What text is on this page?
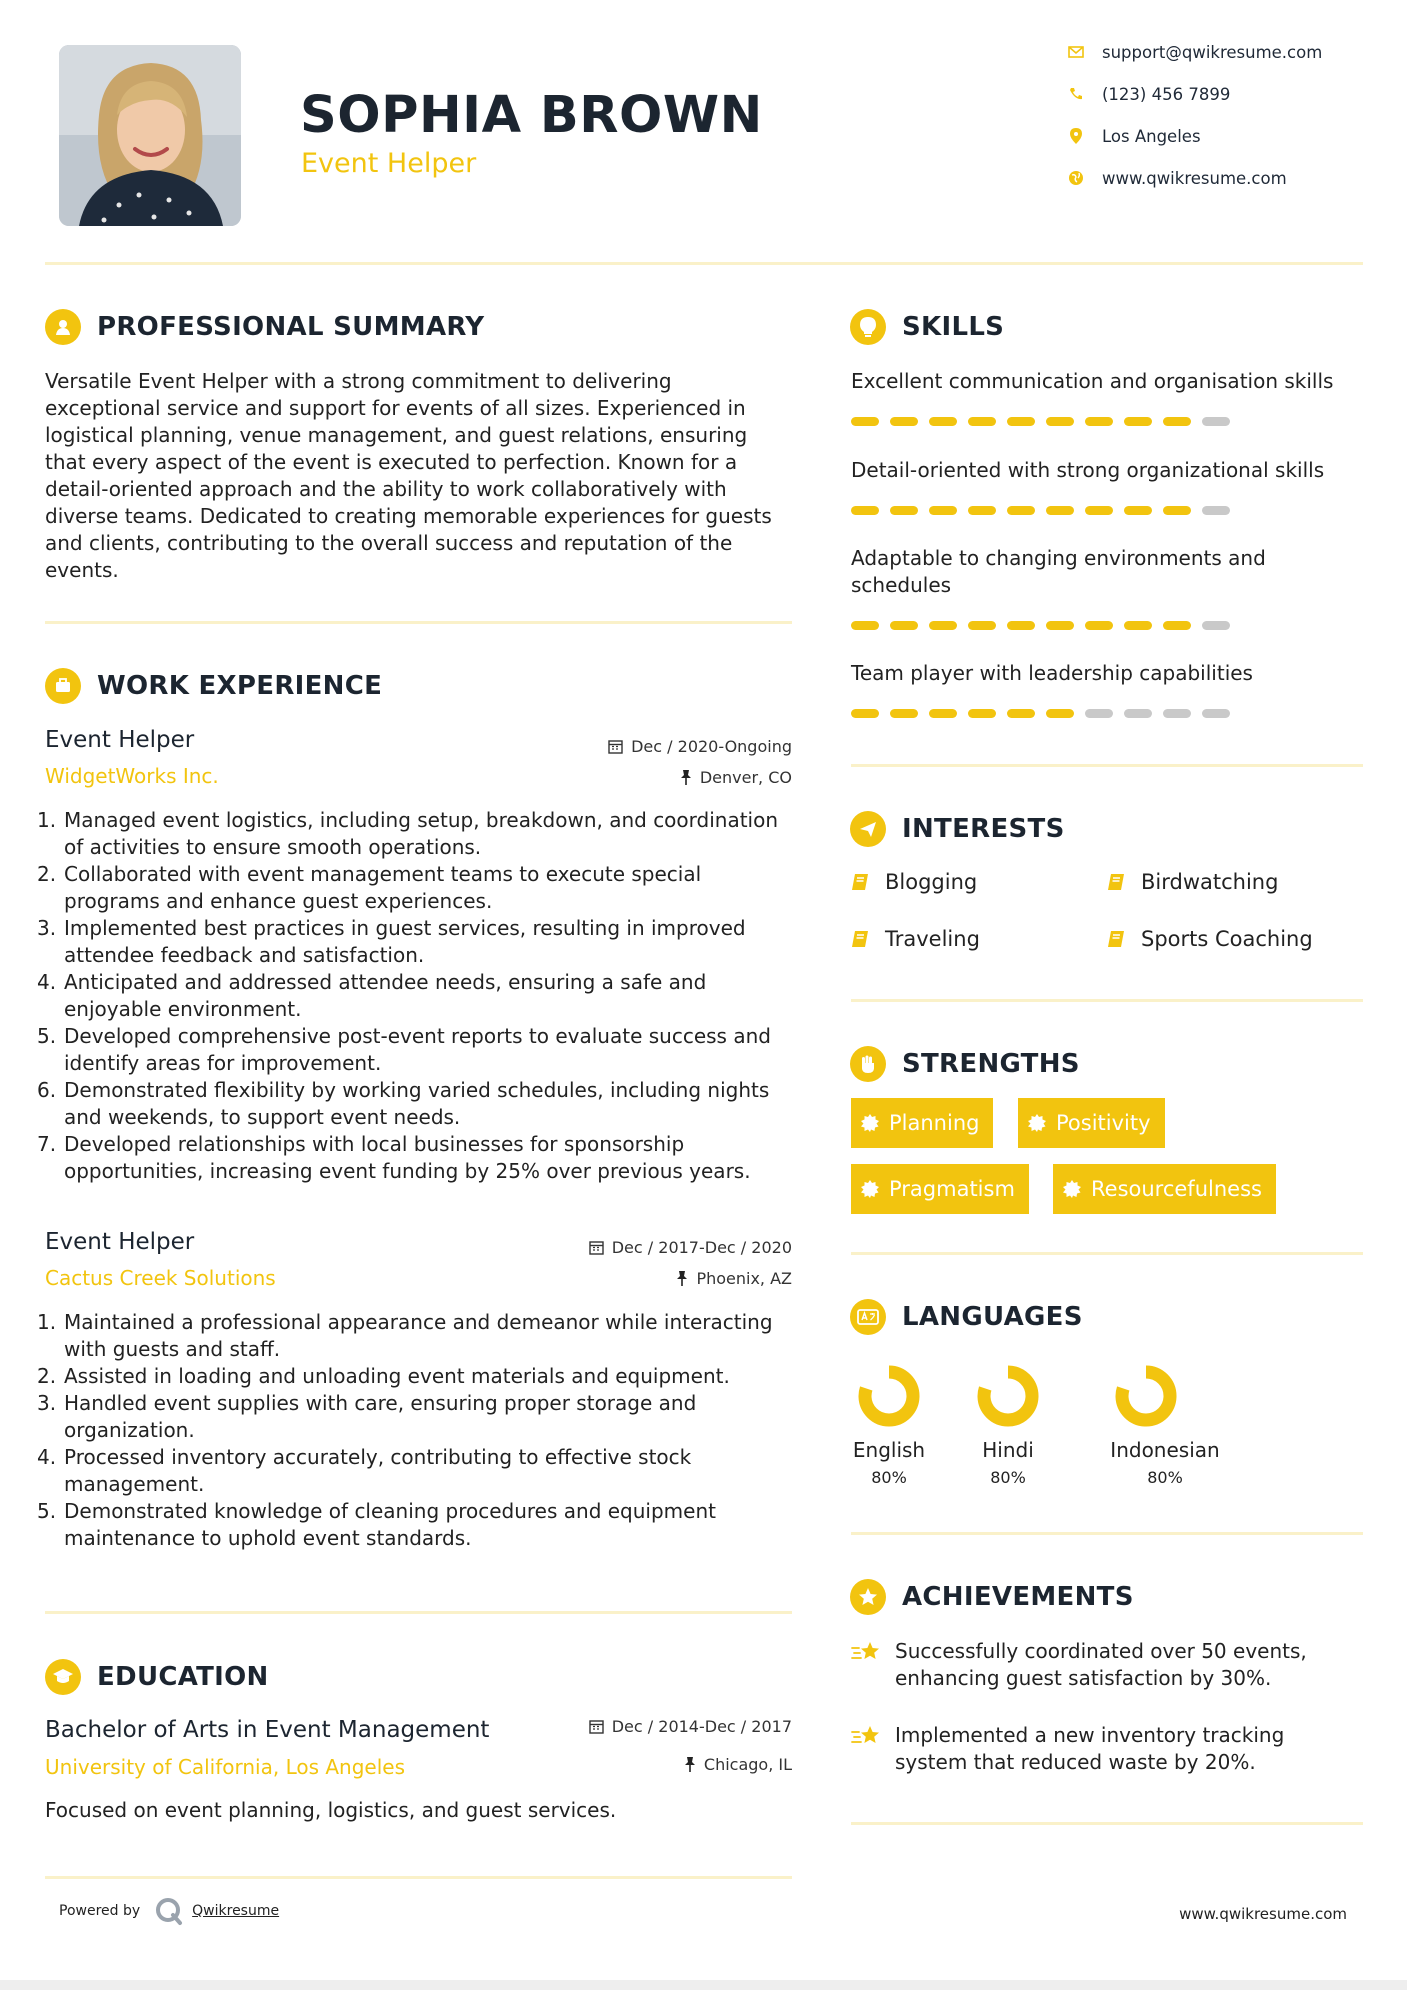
SOPHIA BROWN
Event Helper
support@qwikresume.com
(123) 456 7899
Los Angeles
www.qwikresume.com
PROFESSIONAL SUMMARY
Versatile Event Helper with a strong commitment to delivering exceptional service and support for events of all sizes. Experienced in logistical planning, venue management, and guest relations, ensuring that every aspect of the event is executed to perfection. Known for a detail-oriented approach and the ability to work collaboratively with diverse teams. Dedicated to creating memorable experiences for guests and clients, contributing to the overall success and reputation of the events.
WORK EXPERIENCE
Event Helper
WidgetWorks Inc.
Dec / 2020-Ongoing
Denver, CO
1. Managed event logistics, including setup, breakdown, and coordination of activities to ensure smooth operations.
2. Collaborated with event management teams to execute special programs and enhance guest experiences.
3. Implemented best practices in guest services, resulting in improved attendee feedback and satisfaction.
4. Anticipated and addressed attendee needs, ensuring a safe and enjoyable environment.
5. Developed comprehensive post-event reports to evaluate success and identify areas for improvement.
6. Demonstrated flexibility by working varied schedules, including nights and weekends, to support event needs.
7. Developed relationships with local businesses for sponsorship opportunities, increasing event funding by 25% over previous years.
Event Helper
Cactus Creek Solutions
Dec / 2017-Dec / 2020
Phoenix, AZ
1. Maintained a professional appearance and demeanor while interacting with guests and staff.
2. Assisted in loading and unloading event materials and equipment.
3. Handled event supplies with care, ensuring proper storage and organization.
4. Processed inventory accurately, contributing to effective stock management.
5. Demonstrated knowledge of cleaning procedures and equipment maintenance to uphold event standards.
EDUCATION
Bachelor of Arts in Event Management
University of California, Los Angeles
Dec / 2014-Dec / 2017
Chicago, IL
Focused on event planning, logistics, and guest services.
SKILLS
Excellent communication and organisation skills
Detail-oriented with strong organizational skills
Adaptable to changing environments and schedules
Team player with leadership capabilities
INTERESTS
Blogging	Birdwatching
Traveling	Sports Coaching
STRENGTHS
Planning	Positivity
Pragmatism	Resourcefulness
LANGUAGES
English
80%
Hindi
80%
Indonesian
80%
ACHIEVEMENTS
Successfully coordinated over 50 events, enhancing guest satisfaction by 30%.
Implemented a new inventory tracking system that reduced waste by 20%.
Powered by	Qwikresume	www.qwikresume.com
